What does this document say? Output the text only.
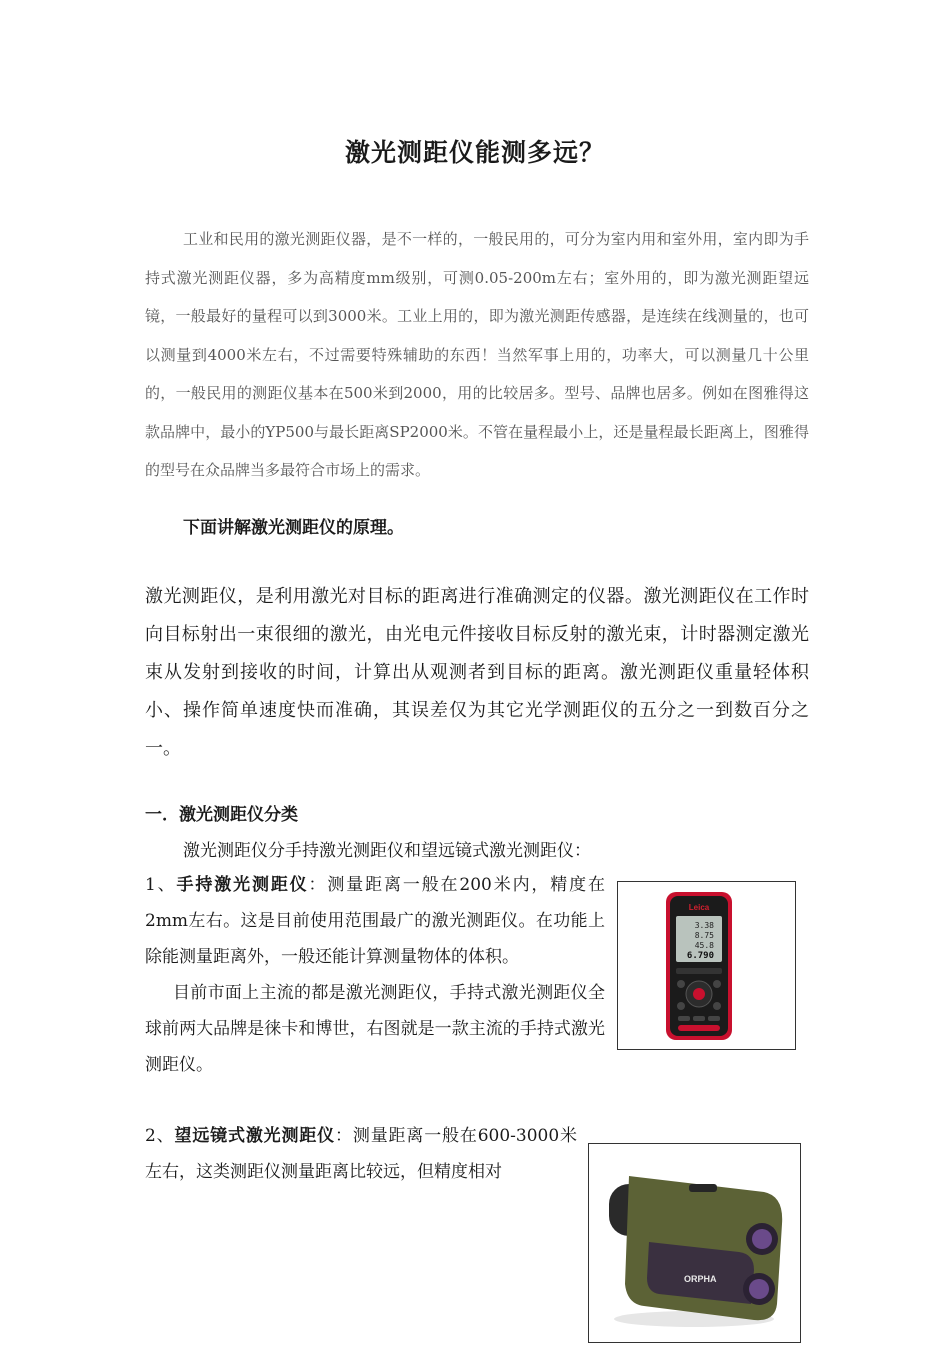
激光测距仪能测多远？

工业和民用的激光测距仪器，是不一样的，一般民用的，可分为室内用和室外用，室内即为手持式激光测距仪器，多为高精度mm级别，可测0.05-200m左右；室外用的，即为激光测距望远镜，一般最好的量程可以到3000米。工业上用的，即为激光测距传感器，是连续在线测量的，也可以测量到4000米左右，不过需要特殊辅助的东西！当然军事上用的，功率大，可以测量几十公里的，一般民用的测距仪基本在500米到2000，用的比较居多。型号、品牌也居多。例如在图雅得这款品牌中，最小的YP500与最长距离SP2000米。不管在量程最小上，还是量程最长距离上，图雅得的型号在众品牌当多最符合市场上的需求。

下面讲解激光测距仪的原理。

激光测距仪，是利用激光对目标的距离进行准确测定的仪器。激光测距仪在工作时向目标射出一束很细的激光，由光电元件接收目标反射的激光束，计时器测定激光束从发射到接收的时间，计算出从观测者到目标的距离。激光测距仪重量轻体积小、操作简单速度快而准确，其误差仅为其它光学测距仪的五分之一到数百分之一。

一．激光测距仪分类
激光测距仪分手持激光测距仪和望远镜式激光测距仪：

1、手持激光测距仪：测量距离一般在200米内，精度在2mm左右。这是目前使用范围最广的激光测距仪。在功能上除能测量距离外，一般还能计算测量物体的体积。

目前市面上主流的都是激光测距仪，手持式激光测距仪全球前两大品牌是徕卡和博世，右图就是一款主流的手持式激光测距仪。

2、望远镜式激光测距仪：测量距离一般在600-3000米左右，这类测距仪测量距离比较远，但精度相对

Leica
3.38
8.75
45.8
6.790
ORPHA
